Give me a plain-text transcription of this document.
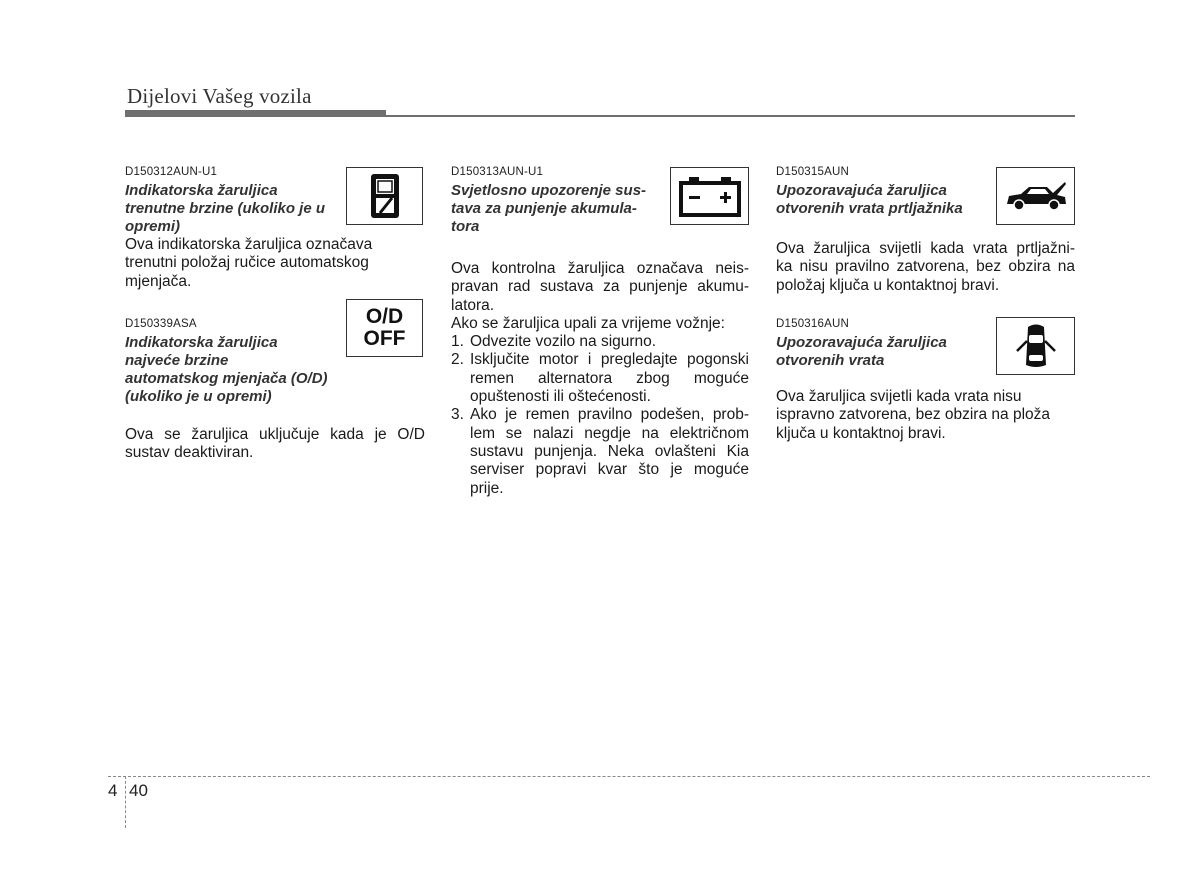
Dijelovi Vašeg vozila
D150312AUN-U1
Indikatorska žaruljica
trenutne brzine (ukoliko je u
opremi)
Ova indikatorska žaruljica označava
trenutni položaj ručice automatskog
mjenjača.
D150339ASA	O/D
OFF
Indikatorska žaruljica
najveće brzine
automatskog mjenjača (O/D)
(ukoliko je u opremi)
Ova se žaruljica uključuje kada je O/D
sustav deaktiviran.
D150313AUN-U1
Svjetlosno upozorenje sus-
tava za punjenje akumula-
tora
Ova kontrolna žaruljica označava neis-
pravan rad sustava za punjenje akumu-
latora.
Ako se žaruljica upali za vrijeme vožnje:
1. Odvezite vozilo na sigurno.
2. Isključite motor i pregledajte pogonski
remen alternatora zbog moguće
opuštenosti ili oštećenosti.
3. Ako je remen pravilno podešen, prob-
lem se nalazi negdje na električnom
sustavu punjenja. Neka ovlašteni Kia
serviser popravi kvar što je moguće
prije.
D150315AUN
Upozoravajuća žaruljica
otvorenih vrata prtljažnika
Ova žaruljica svijetli kada vrata prtljažni-
ka nisu pravilno zatvorena, bez obzira na
položaj ključa u kontaktnoj bravi.
D150316AUN
Upozoravajuća žaruljica
otvorenih vrata
Ova žaruljica svijetli kada vrata nisu
ispravno zatvorena, bez obzira na ploža
ključa u kontaktnoj bravi.
4 40
